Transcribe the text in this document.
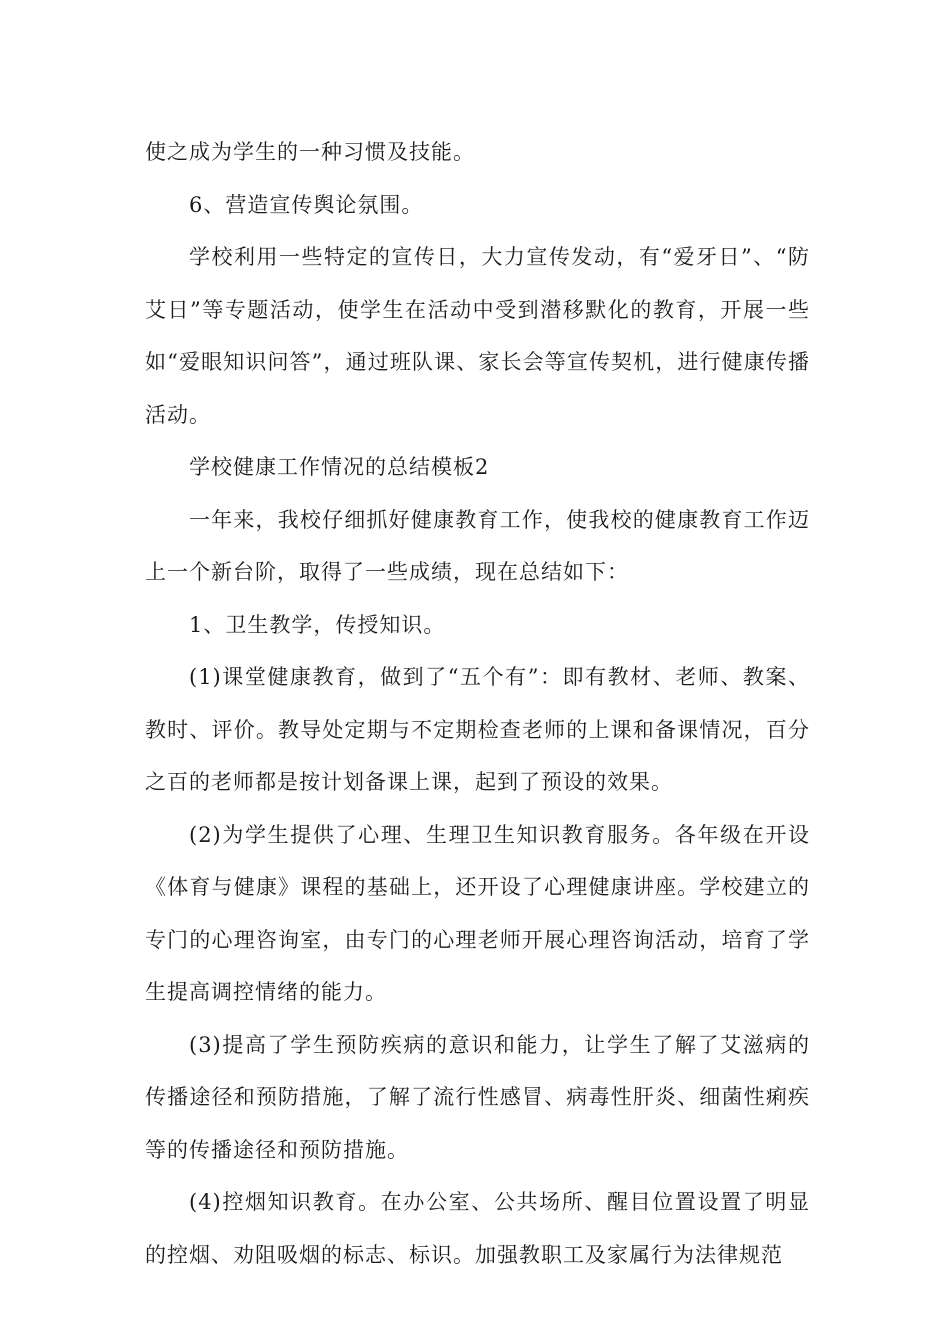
使之成为学生的一种习惯及技能。

6、营造宣传舆论氛围。

学校利用一些特定的宣传日，大力宣传发动，有“爱牙日”、“防艾日”等专题活动，使学生在活动中受到潜移默化的教育，开展一些如“爱眼知识问答”，通过班队课、家长会等宣传契机，进行健康传播活动。

学校健康工作情况的总结模板2

一年来，我校仔细抓好健康教育工作，使我校的健康教育工作迈上一个新台阶，取得了一些成绩，现在总结如下：

1、卫生教学，传授知识。

(1)课堂健康教育，做到了“五个有”：即有教材、老师、教案、教时、评价。教导处定期与不定期检查老师的上课和备课情况，百分之百的老师都是按计划备课上课，起到了预设的效果。

(2)为学生提供了心理、生理卫生知识教育服务。各年级在开设《体育与健康》课程的基础上，还开设了心理健康讲座。学校建立的专门的心理咨询室，由专门的心理老师开展心理咨询活动，培育了学生提高调控情绪的能力。

(3)提高了学生预防疾病的意识和能力，让学生了解了艾滋病的传播途径和预防措施，了解了流行性感冒、病毒性肝炎、细菌性痢疾等的传播途径和预防措施。

(4)控烟知识教育。在办公室、公共场所、醒目位置设置了明显的控烟、劝阻吸烟的标志、标识。加强教职工及家属行为法律规范
